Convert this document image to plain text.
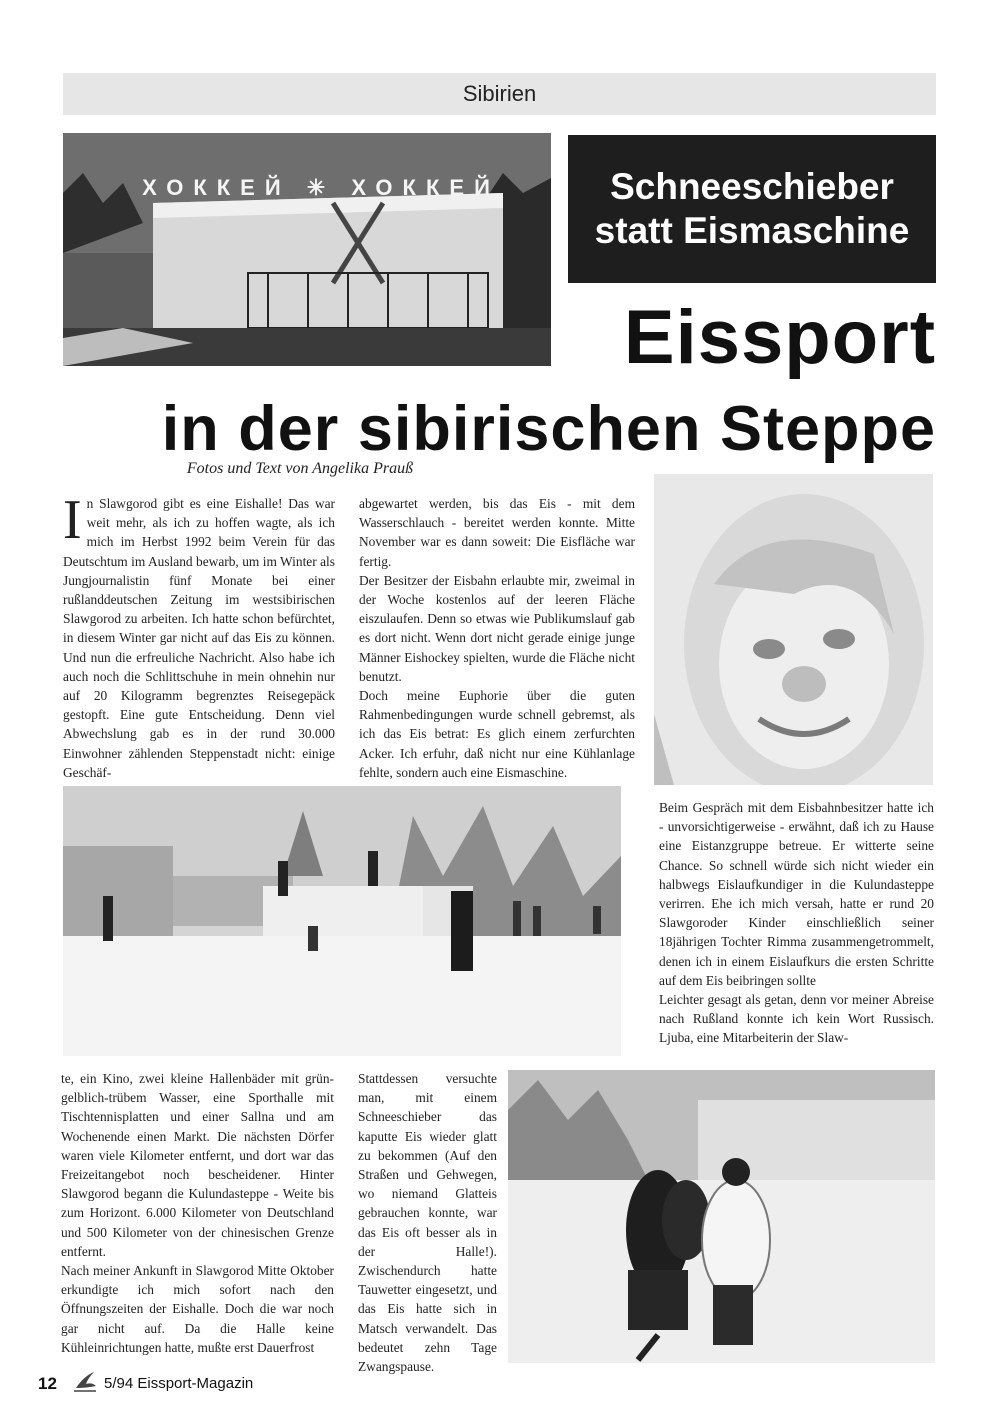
Sibirien
ХОККЕЙ ✳ ХОККЕЙ	Schneeschieber
statt Eismaschine
Eissport
in der sibirischen Steppe
Fotos und Text von Angelika Prauß
I n Slawgorod gibt es eine Eishalle! Das war weit mehr, als ich zu hoffen wagte, als ich mich im Herbst 1992 beim Verein für das Deutschtum im Ausland bewarb, um im Winter als Jungjournalistin fünf Monate bei einer rußlanddeutschen Zeitung im westsibirischen Slawgorod zu arbeiten. Ich hatte schon befürchtet, in diesem Winter gar nicht auf das Eis zu können. Und nun die erfreuliche Nachricht. Also habe ich auch noch die Schlittschuhe in mein ohnehin nur auf 20 Kilogramm begrenztes Reisegepäck gestopft. Eine gute Entscheidung. Denn viel Abwechslung gab es in der rund 30.000 Einwohner zählenden Steppenstadt nicht: einige Geschäf-

abgewartet werden, bis das Eis - mit dem Wasserschlauch - bereitet werden konnte. Mitte November war es dann soweit: Die Eisfläche war fertig.

Der Besitzer der Eisbahn erlaubte mir, zweimal in der Woche kostenlos auf der leeren Fläche eiszulaufen. Denn so etwas wie Publikumslauf gab es dort nicht. Wenn dort nicht gerade einige junge Männer Eishockey spielten, wurde die Fläche nicht benutzt.

Doch meine Euphorie über die guten Rahmenbedingungen wurde schnell gebremst, als ich das Eis betrat: Es glich einem zerfurchten Acker. Ich erfuhr, daß nicht nur eine Kühlanlage fehlte, sondern auch eine Eismaschine.

Beim Gespräch mit dem Eisbahnbesitzer hatte ich - unvorsichtigerweise - erwähnt, daß ich zu Hause eine Eistanzgruppe betreue. Er witterte seine Chance. So schnell würde sich nicht wieder ein halbwegs Eislaufkundiger in die Kulundasteppe verirren. Ehe ich mich versah, hatte er rund 20 Slawgoroder Kinder einschließlich seiner 18jährigen Tochter Rimma zusammengetrommelt, denen ich in einem Eislaufkurs die ersten Schritte auf dem Eis beibringen sollte

Leichter gesagt als getan, denn vor meiner Abreise nach Rußland konnte ich kein Wort Russisch. Ljuba, eine Mitarbeiterin der Slaw-

te, ein Kino, zwei kleine Hallenbäder mit grün-gelblich-trübem Wasser, eine Sporthalle mit Tischtennisplatten und einer Sallna und am Wochenende einen Markt. Die nächsten Dörfer waren viele Kilometer entfernt, und dort war das Freizeitangebot noch bescheidener. Hinter Slawgorod begann die Kulundasteppe - Weite bis zum Horizont. 6.000 Kilometer von Deutschland und 500 Kilometer von der chinesischen Grenze entfernt.

Nach meiner Ankunft in Slawgorod Mitte Oktober erkundigte ich mich sofort nach den Öffnungszeiten der Eishalle. Doch die war noch gar nicht auf. Da die Halle keine Kühleinrichtungen hatte, mußte erst Dauerfrost

Stattdessen versuchte man, mit einem Schneeschieber das kaputte Eis wieder glatt zu bekommen (Auf den Straßen und Gehwegen, wo niemand Glatteis gebrauchen konnte, war das Eis oft besser als in der Halle!). Zwischendurch hatte Tauwetter eingesetzt, und das Eis hatte sich in Matsch verwandelt. Das bedeutet zehn Tage Zwangspause.

12	5/94 Eissport-Magazin
